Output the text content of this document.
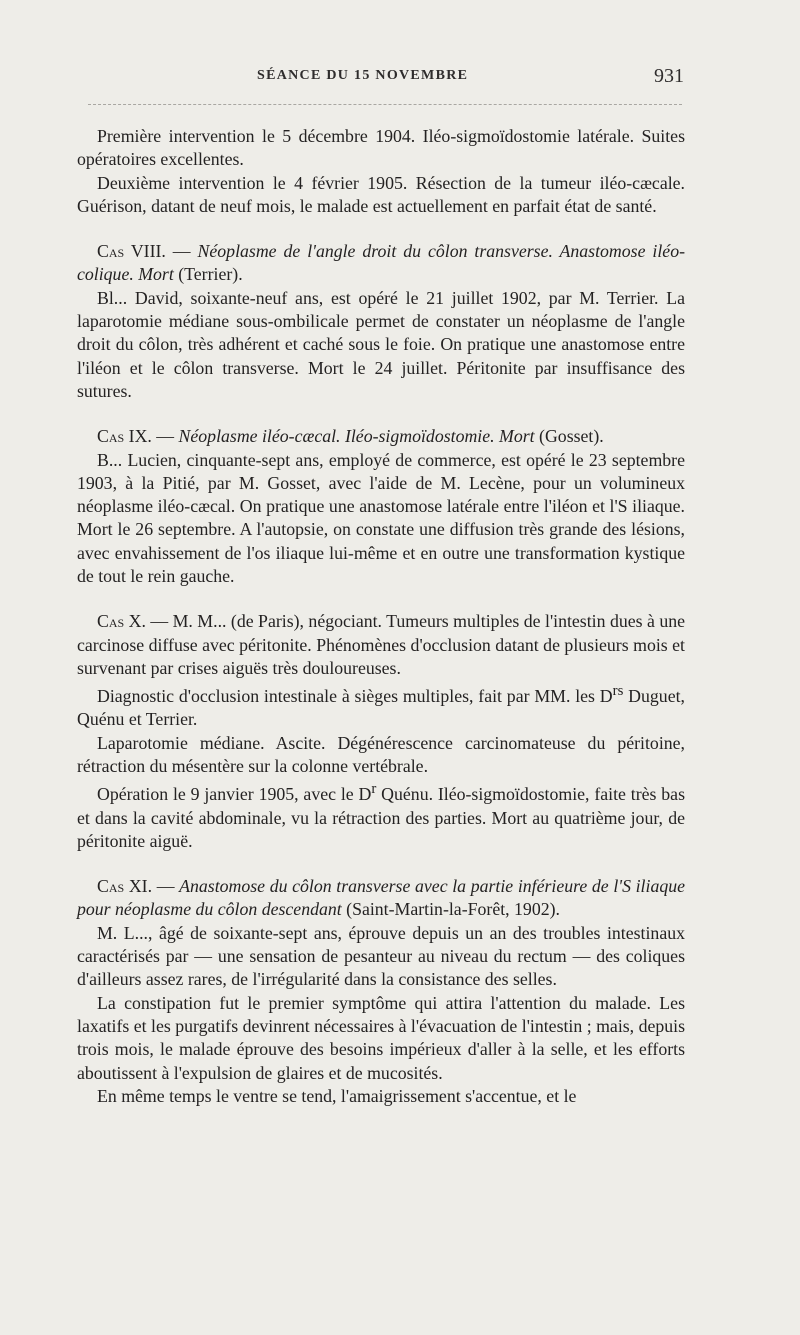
SÉANCE DU 15 NOVEMBRE	931

Première intervention le 5 décembre 1904. Iléo-sigmoïdostomie latérale. Suites opératoires excellentes.

Deuxième intervention le 4 février 1905. Résection de la tumeur iléo-cæcale. Guérison, datant de neuf mois, le malade est actuellement en parfait état de santé.

Cas VIII. — Néoplasme de l'angle droit du côlon transverse. Anastomose iléo-colique. Mort (Terrier).

Bl... David, soixante-neuf ans, est opéré le 21 juillet 1902, par M. Terrier. La laparotomie médiane sous-ombilicale permet de constater un néoplasme de l'angle droit du côlon, très adhérent et caché sous le foie. On pratique une anastomose entre l'iléon et le côlon transverse. Mort le 24 juillet. Péritonite par insuffisance des sutures.

Cas IX. — Néoplasme iléo-cæcal. Iléo-sigmoïdostomie. Mort (Gosset).

B... Lucien, cinquante-sept ans, employé de commerce, est opéré le 23 septembre 1903, à la Pitié, par M. Gosset, avec l'aide de M. Lecène, pour un volumineux néoplasme iléo-cæcal. On pratique une anastomose latérale entre l'iléon et l'S iliaque. Mort le 26 septembre. A l'autopsie, on constate une diffusion très grande des lésions, avec envahissement de l'os iliaque lui-même et en outre une transformation kystique de tout le rein gauche.

Cas X. — M. M... (de Paris), négociant. Tumeurs multiples de l'intestin dues à une carcinose diffuse avec péritonite. Phénomènes d'occlusion datant de plusieurs mois et survenant par crises aiguës très douloureuses.

Diagnostic d'occlusion intestinale à sièges multiples, fait par MM. les $D^{rs}$ Duguet, Quénu et Terrier.

Laparotomie médiane. Ascite. Dégénérescence carcinomateuse du péritoine, rétraction du mésentère sur la colonne vertébrale.

Opération le 9 janvier 1905, avec le $D^r$ Quénu. Iléo-sigmoïdostomie, faite très bas et dans la cavité abdominale, vu la rétraction des parties. Mort au quatrième jour, de péritonite aiguë.

Cas XI. — Anastomose du côlon transverse avec la partie inférieure de l'S iliaque pour néoplasme du côlon descendant (Saint-Martin-la-Forêt, 1902).

M. L..., âgé de soixante-sept ans, éprouve depuis un an des troubles intestinaux caractérisés par — une sensation de pesanteur au niveau du rectum — des coliques d'ailleurs assez rares, de l'irrégularité dans la consistance des selles.

La constipation fut le premier symptôme qui attira l'attention du malade. Les laxatifs et les purgatifs devinrent nécessaires à l'évacuation de l'intestin ; mais, depuis trois mois, le malade éprouve des besoins impérieux d'aller à la selle, et les efforts aboutissent à l'expulsion de glaires et de mucosités.

En même temps le ventre se tend, l'amaigrissement s'accentue, et le
